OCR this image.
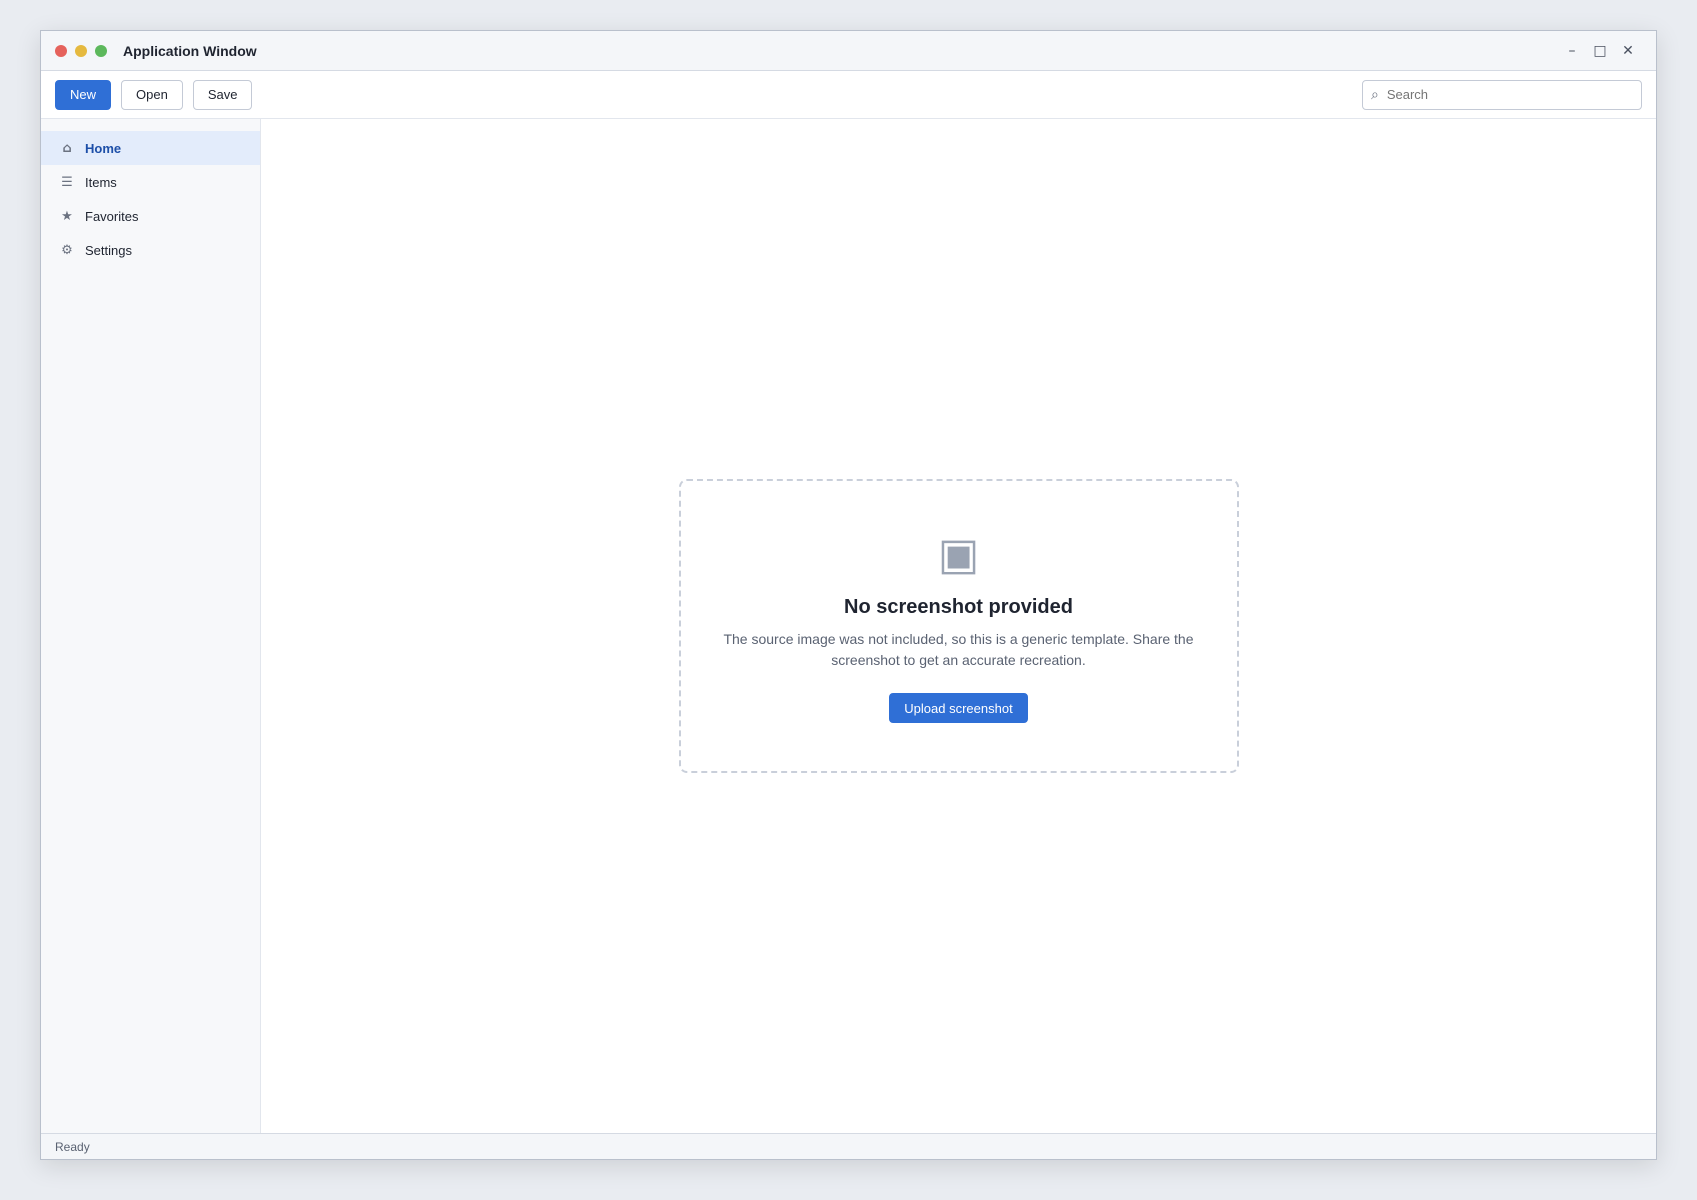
Application Window	–	□	✕
New	Open	Save	⌕
Search
⌂ Home
☰ Items
★ Favorites
⚙ Settings
▣
No screenshot provided
The source image was not included, so this is a generic template. Share the screenshot to get an accurate recreation.
Upload screenshot
Ready
